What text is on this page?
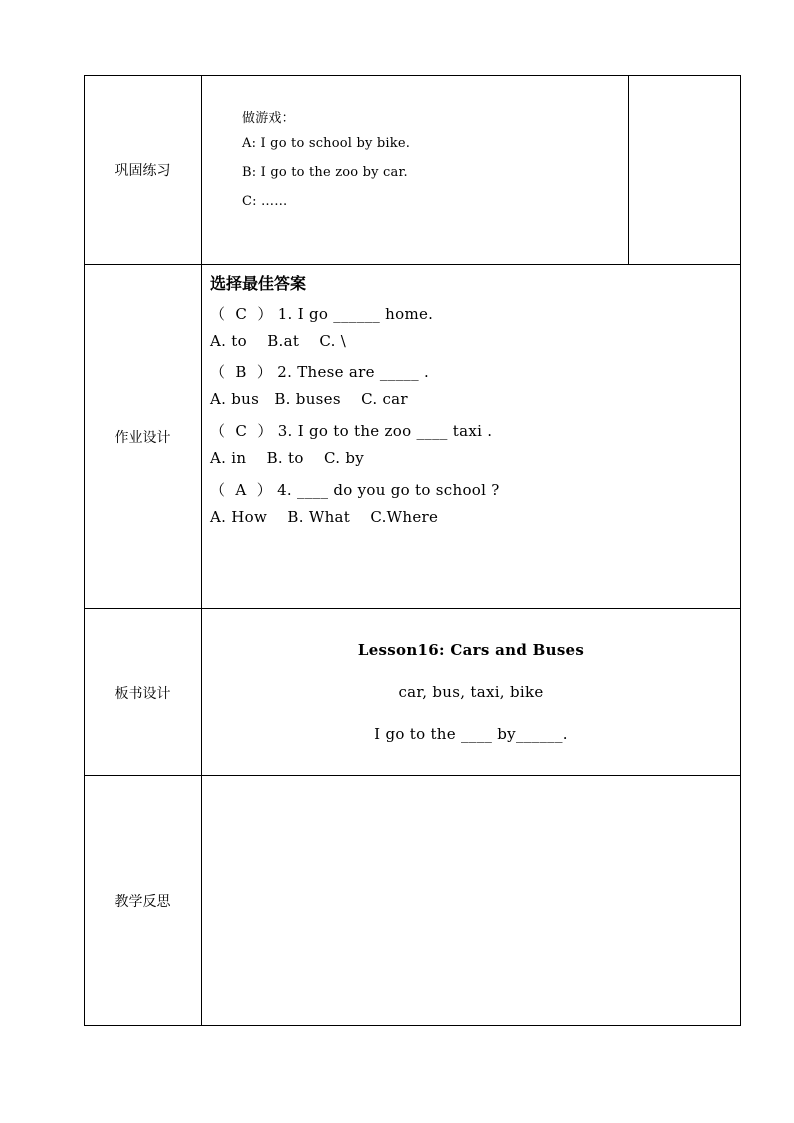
巩固练习
做游戏：
A: I go to school by bike.
B: I go to the zoo by car.
C: ……
作业设计
选择最佳答案
（  C  ） 1. I go ______ home.
A. to    B.at    C. \
（  B  ） 2. These are _____ .
A. bus   B. buses    C. car
（  C  ） 3. I go to the zoo ____ taxi .
A. in    B. to    C. by
（  A  ） 4. ____ do you go to school ?
A. How    B. What    C.Where
板书设计
Lesson16: Cars and Buses
car, bus, taxi, bike
I go to the ____ by______.
教学反思
